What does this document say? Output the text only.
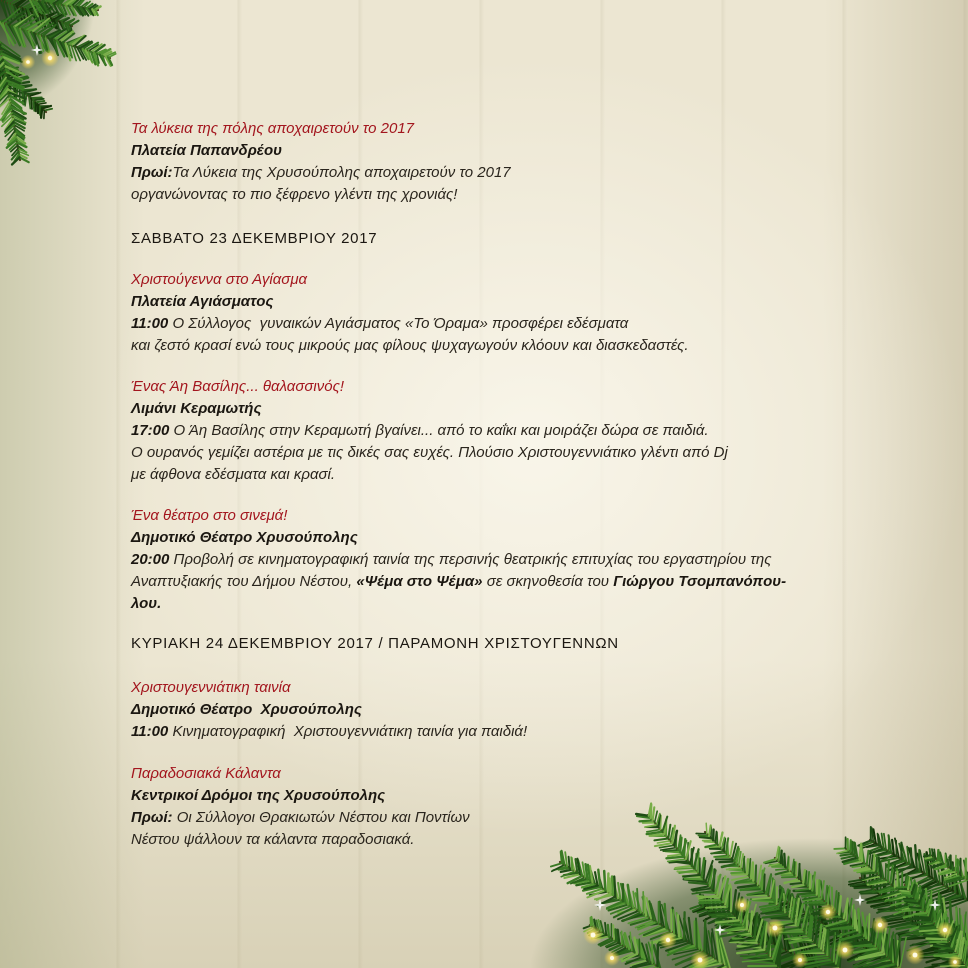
Τα λύκεια της πόλης αποχαιρετούν το 2017
Πλατεία Παπανδρέου
Πρωί:Τα Λύκεια της Χρυσούπολης αποχαιρετούν το 2017
οργανώνοντας το πιο ξέφρενο γλέντι της χρονιάς!
ΣΑΒΒΑΤΟ 23 ΔΕΚΕΜΒΡΙΟΥ 2017
Χριστούγεννα στο Αγίασμα
Πλατεία Αγιάσματος
11:00 Ο Σύλλογος  γυναικών Αγιάσματος «Το Όραμα» προσφέρει εδέσματα
και ζεστό κρασί ενώ τους μικρούς μας φίλους ψυχαγωγούν κλόουν και διασκεδαστές.
Ένας Άη Βασίλης... θαλασσινός!
Λιμάνι Κεραμωτής
17:00 Ο Άη Βασίλης στην Κεραμωτή βγαίνει... από το καΐκι και μοιράζει δώρα σε παιδιά.
Ο ουρανός γεμίζει αστέρια με τις δικές σας ευχές. Πλούσιο Χριστουγεννιάτικο γλέντι από Dj
με άφθονα εδέσματα και κρασί.
Ένα θέατρο στο σινεμά!
Δημοτικό Θέατρο Χρυσούπολης
20:00 Προβολή σε κινηματογραφική ταινία της περσινής θεατρικής επιτυχίας του εργαστηρίου της
Αναπτυξιακής του Δήμου Νέστου, «Ψέμα στο Ψέμα» σε σκηνοθεσία του Γιώργου Τσομπανόπου-
λου.
ΚΥΡΙΑΚΗ 24 ΔΕΚΕΜΒΡΙΟΥ 2017 / ΠΑΡΑΜΟΝΗ ΧΡΙΣΤΟΥΓΕΝΝΩΝ
Χριστουγεννιάτικη ταινία
Δημοτικό Θέατρο  Χρυσούπολης
11:00 Κινηματογραφική  Χριστουγεννιάτικη ταινία για παιδιά!
Παραδοσιακά Κάλαντα
Κεντρικοί Δρόμοι της Χρυσούπολης
Πρωί: Οι Σύλλογοι Θρακιωτών Νέστου και Ποντίων
Νέστου ψάλλουν τα κάλαντα παραδοσιακά.
